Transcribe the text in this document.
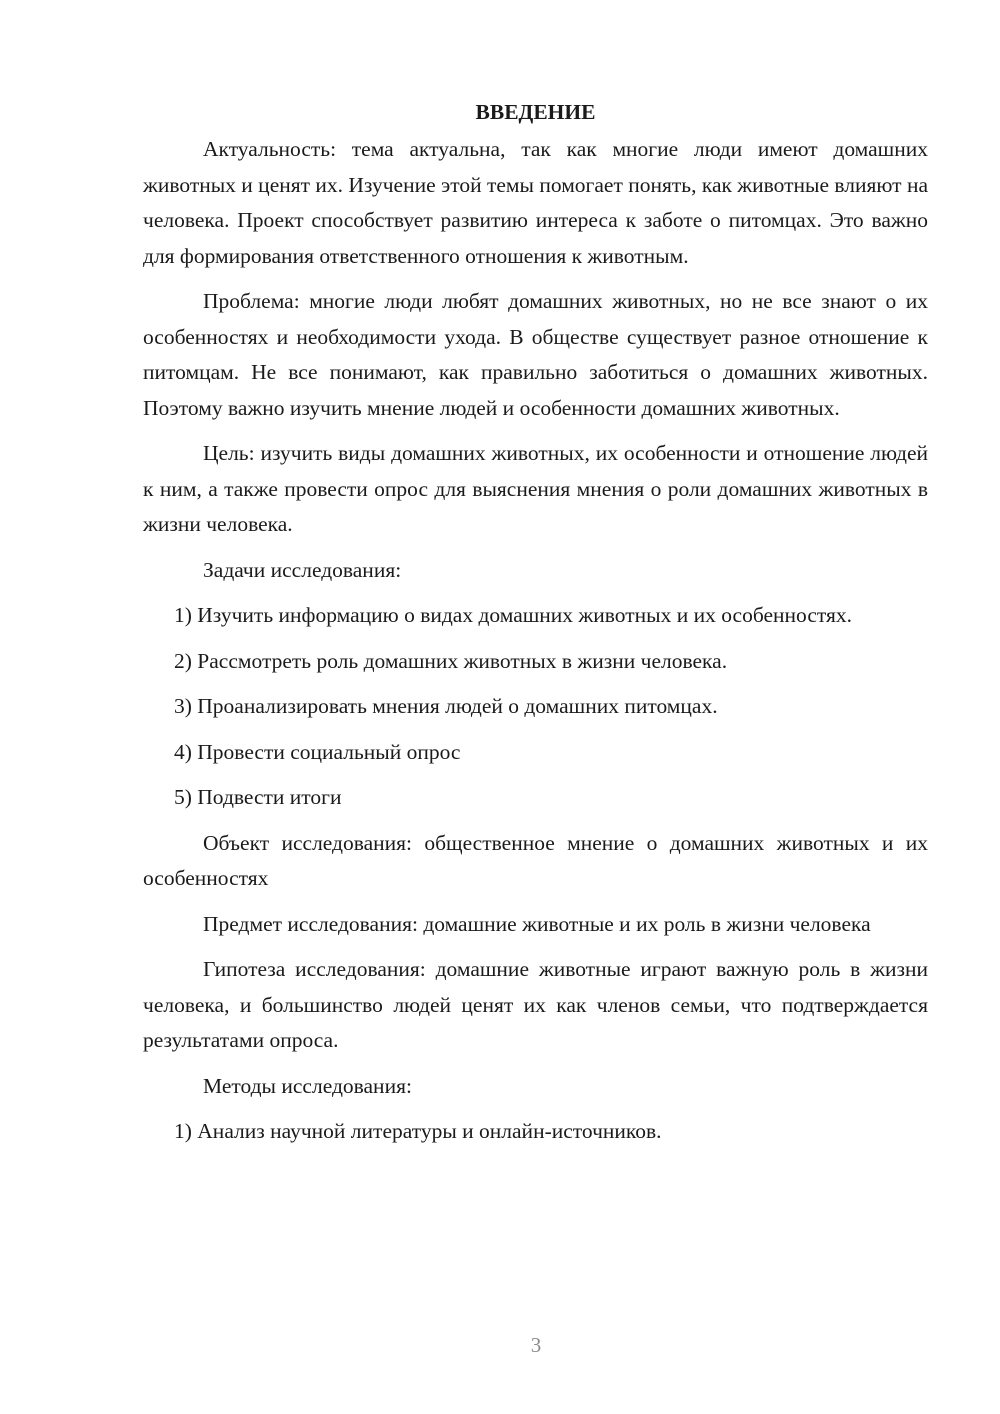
ВВЕДЕНИЕ

Актуальность: тема актуальна, так как многие люди имеют домашних животных и ценят их. Изучение этой темы помогает понять, как животные влияют на человека. Проект способствует развитию интереса к заботе о питомцах. Это важно для формирования ответственного отношения к животным.

Проблема: многие люди любят домашних животных, но не все знают о их особенностях и необходимости ухода. В обществе существует разное отношение к питомцам. Не все понимают, как правильно заботиться о домашних животных. Поэтому важно изучить мнение людей и особенности домашних животных.

Цель: изучить виды домашних животных, их особенности и отношение людей к ним, а также провести опрос для выяснения мнения о роли домашних животных в жизни человека.

Задачи исследования:

1) Изучить информацию о видах домашних животных и их особенностях.

2) Рассмотреть роль домашних животных в жизни человека.

3) Проанализировать мнения людей о домашних питомцах.

4) Провести социальный опрос

5) Подвести итоги

Объект исследования: общественное мнение о домашних животных и их особенностях

Предмет исследования: домашние животные и их роль в жизни человека

Гипотеза исследования: домашние животные играют важную роль в жизни человека, и большинство людей ценят их как членов семьи, что подтверждается результатами опроса.

Методы исследования:

1) Анализ научной литературы и онлайн-источников.

3
